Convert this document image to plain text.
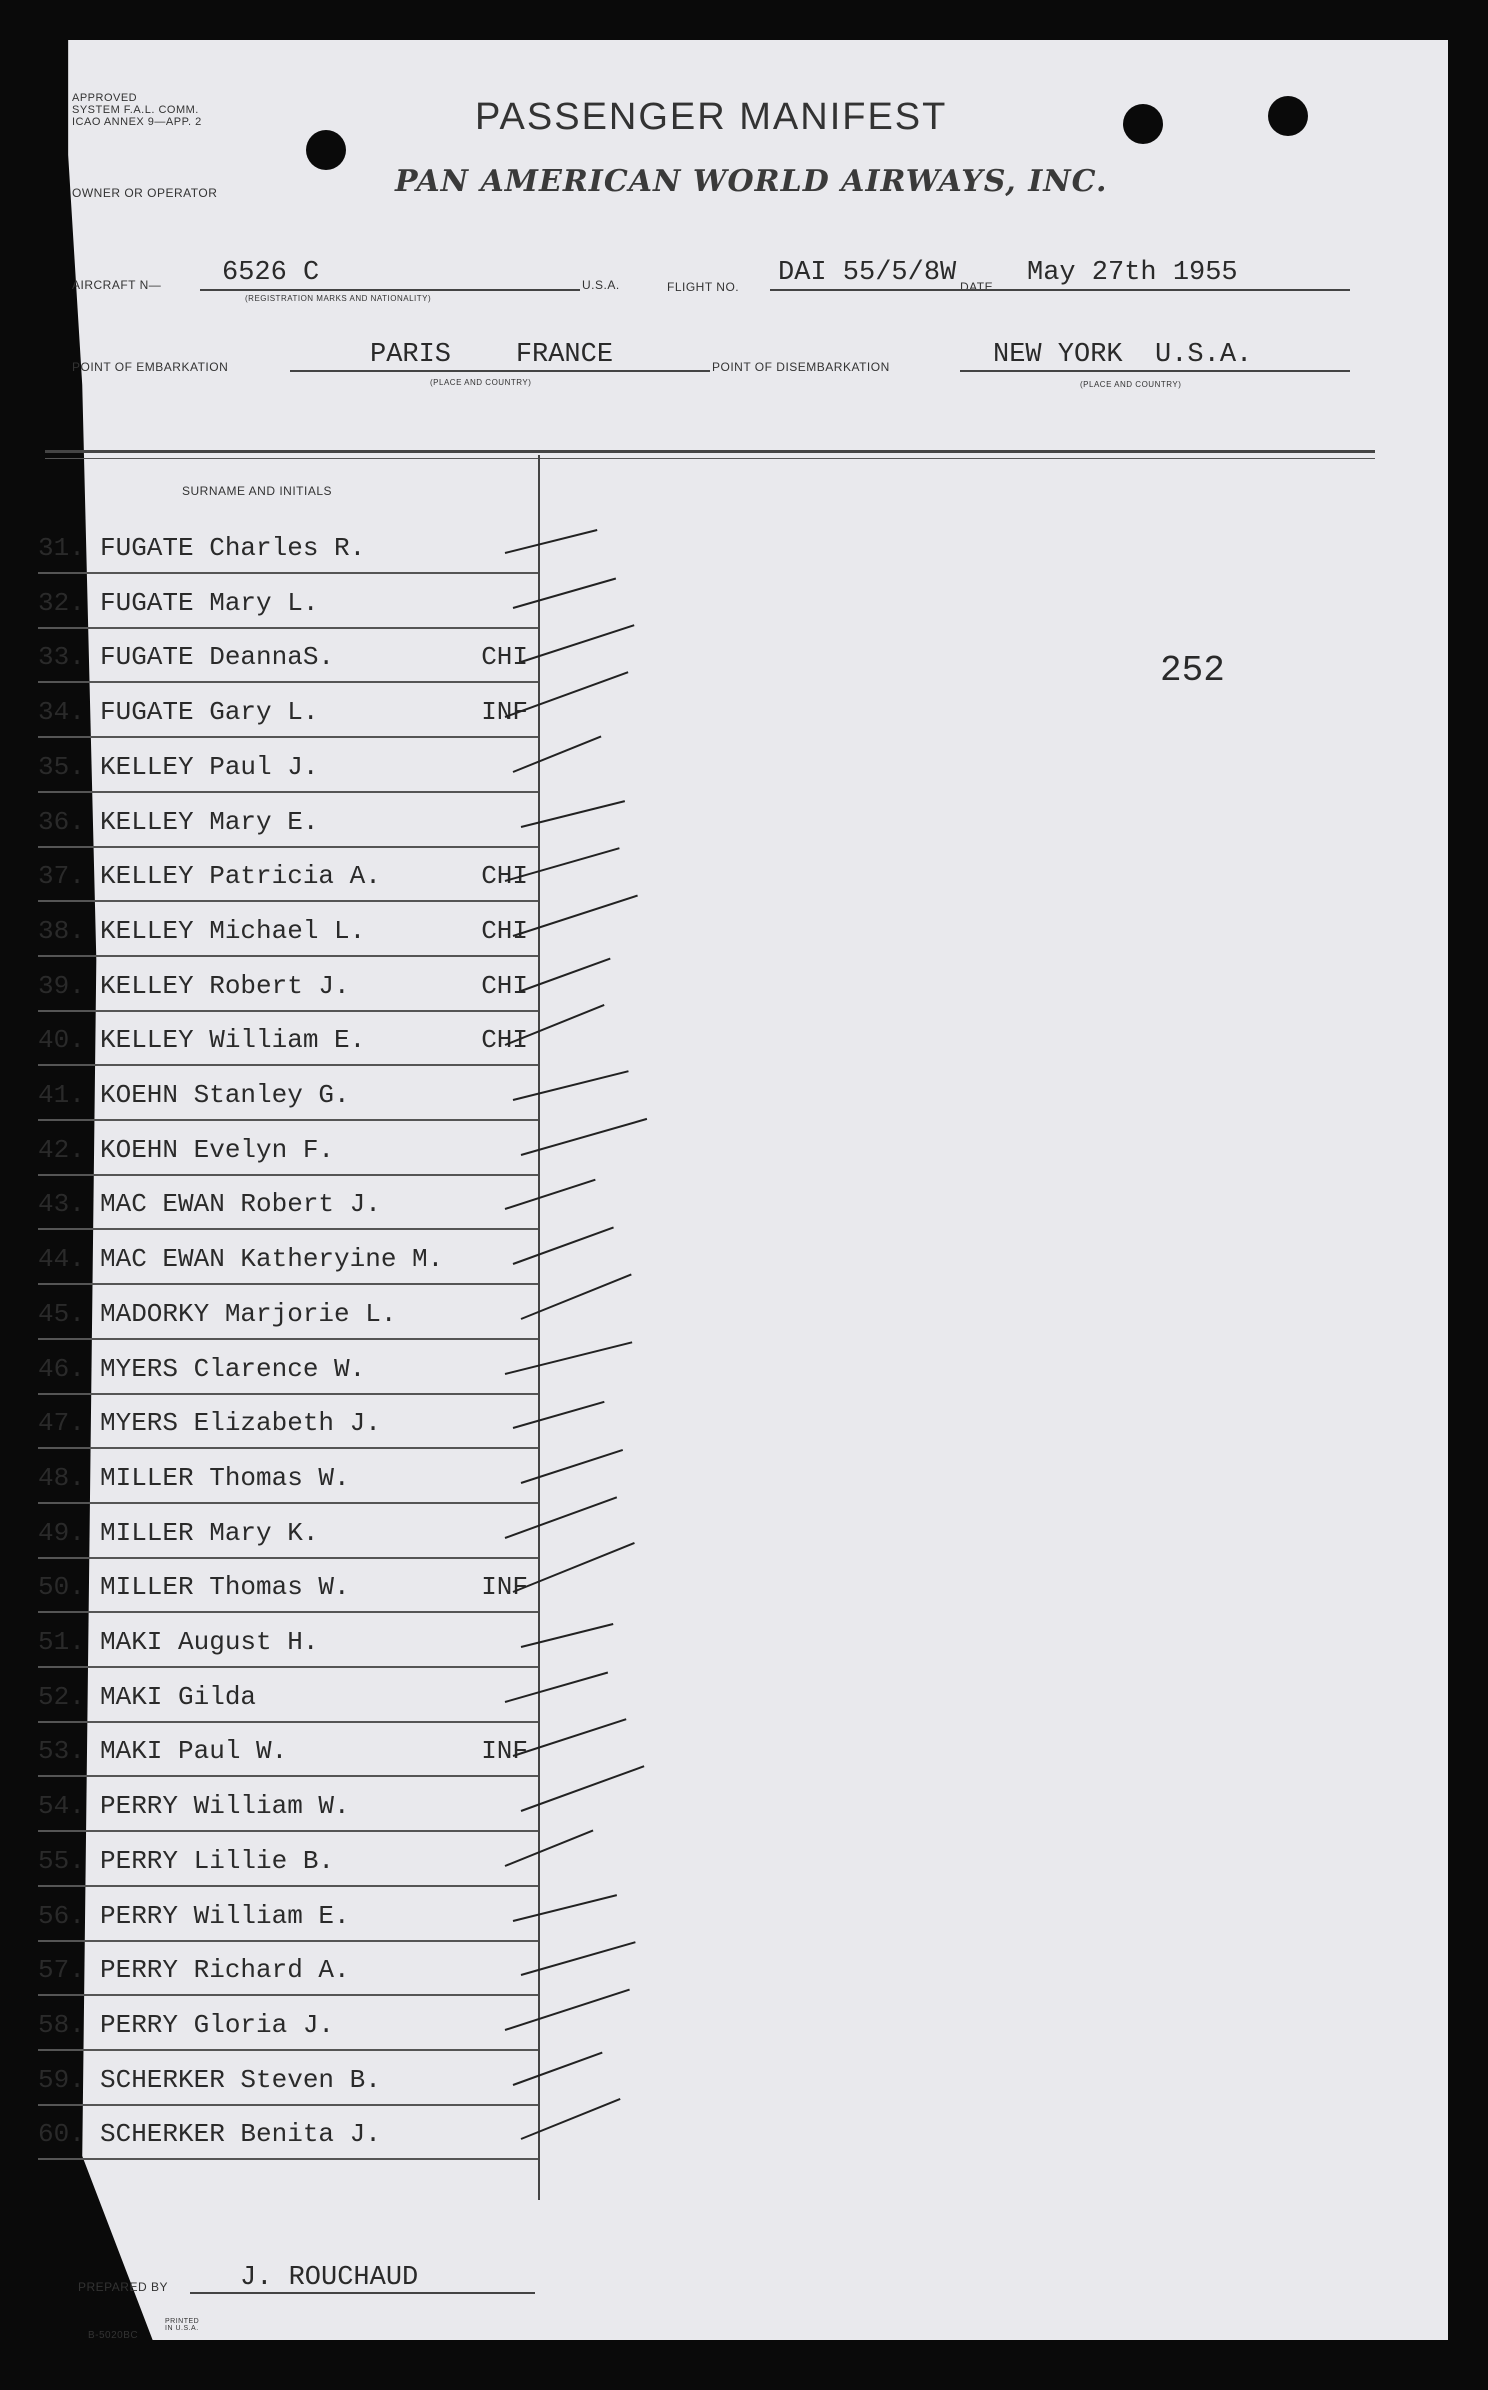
APPROVED
SYSTEM F.A.L. COMM.
ICAO ANNEX 9—APP. 2	PASSENGER MANIFEST
OWNER OR OPERATOR	PAN AMERICAN WORLD AIRWAYS, INC.
AIRCRAFT N— 6526 C
(REGISTRATION MARKS AND NATIONALITY)
U.S.A.	FLIGHT NO. DAI 55/5/8W DATE May 27th 1955
POINT OF EMBARKATION	PARIS    FRANCE
(PLACE AND COUNTRY)
POINT OF DISEMBARKATION	NEW YORK  U.S.A.
(PLACE AND COUNTRY)
SURNAME AND INITIALS
252
31. FUGATE Charles R.
32. FUGATE Mary L.
33. FUGATE DeannaS.	CHI
34. FUGATE Gary L.	INF
35. KELLEY Paul J.
36. KELLEY Mary E.
37. KELLEY Patricia A.	CHI
38. KELLEY Michael L.	CHI
39. KELLEY Robert J.	CHI
40. KELLEY William E.	CHI
41. KOEHN Stanley G.
42. KOEHN Evelyn F.
43. MAC EWAN Robert J.
44. MAC EWAN Katheryine M.
45. MADORKY Marjorie L.
46. MYERS Clarence W.
47. MYERS Elizabeth J.
48. MILLER Thomas W.
49. MILLER Mary K.
50. MILLER Thomas W.	INF
51. MAKI August H.
52. MAKI Gilda
53. MAKI Paul W.	INF
54. PERRY William W.
55. PERRY Lillie B.
56. PERRY William E.
57. PERRY Richard A.
58. PERRY Gloria J.
59. SCHERKER Steven B.
60. SCHERKER Benita J.
PREPARED BY	J. ROUCHAUD
PRINTED IN U.S.A.
B-5020BC
